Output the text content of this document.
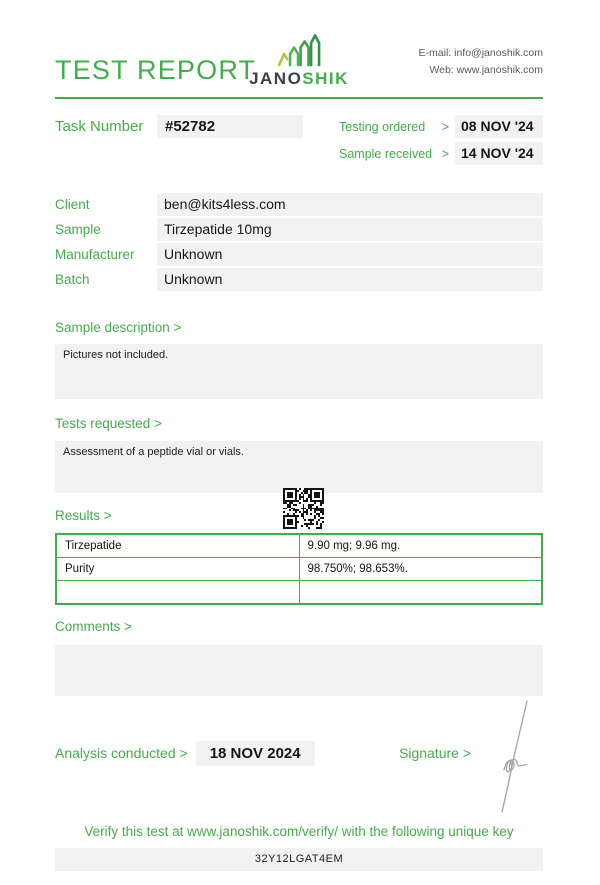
TEST REPORT
JANOSHIK
E-mail: info@janoshik.com
Web: www.janoshik.com
Task Number	#52782	Testing ordered > 08 NOV '24
Sample received > 14 NOV '24
Client	ben@kits4less.com
Sample	Tirzepatide 10mg
Manufacturer	Unknown
Batch	Unknown
Sample description >
Pictures not included.
Tests requested >
Assessment of a peptide vial or vials.
Results >
Tirzepatide	9.90 mg; 9.96 mg.
Purity	98.750%; 98.653%.

Comments >
Analysis conducted >	18 NOV 2024	Signature >
Verify this test at www.janoshik.com/verify/ with the following unique key
32Y12LGAT4EM
